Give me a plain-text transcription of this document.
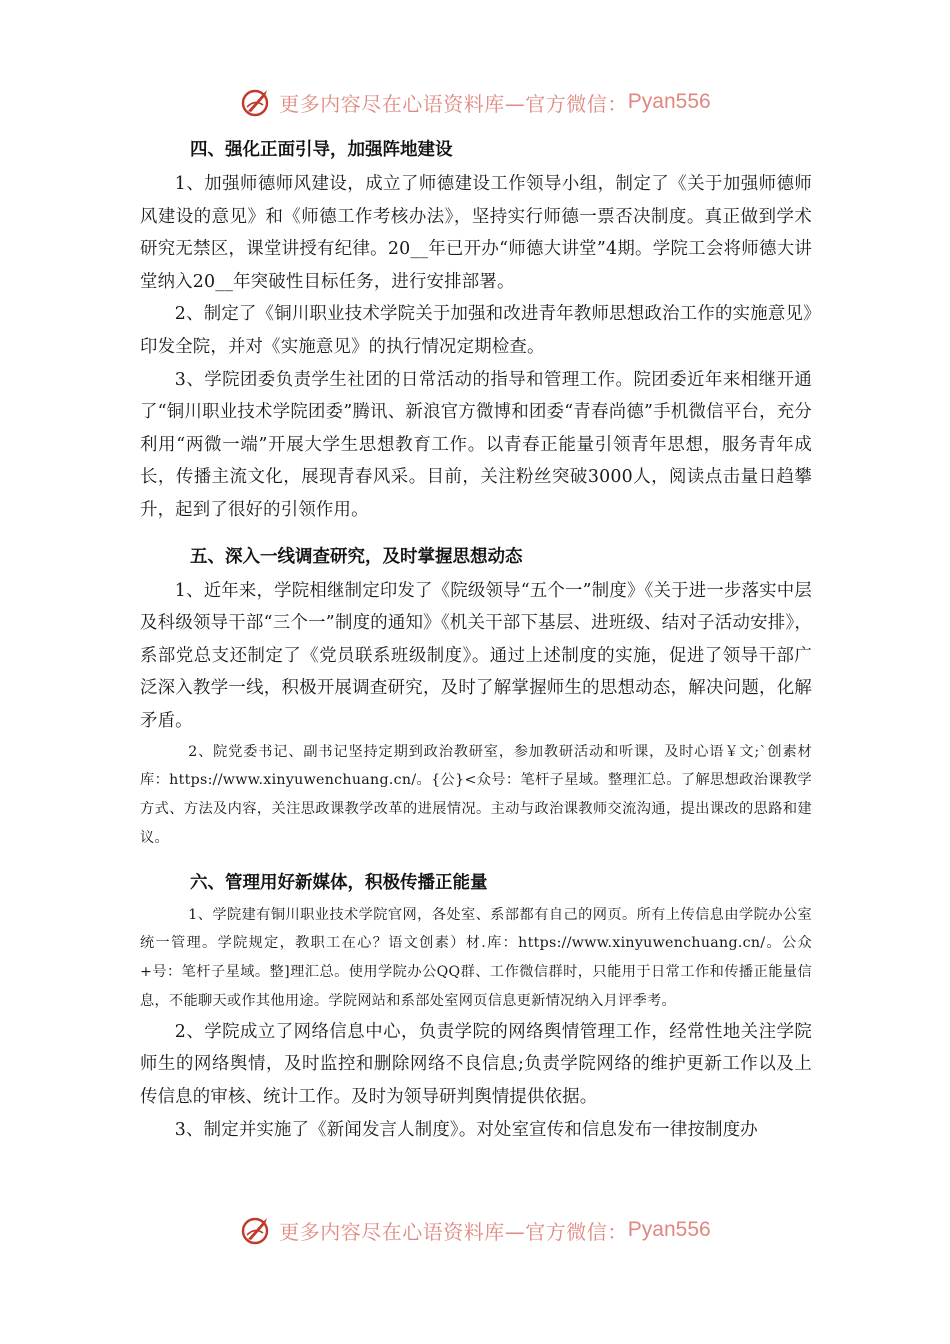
更多内容尽在心语资料库—官方微信： Pyan556
四、强化正面引导，加强阵地建设

1、加强师德师风建设，成立了师德建设工作领导小组，制定了《关于加强师德师风建设的意见》和《师德工作考核办法》，坚持实行师德一票否决制度。真正做到学术研究无禁区，课堂讲授有纪律。20__年已开办“师德大讲堂”4期。学院工会将师德大讲堂纳入20__年突破性目标任务，进行安排部署。

2、制定了《铜川职业技术学院关于加强和改进青年教师思想政治工作的实施意见》印发全院，并对《实施意见》的执行情况定期检查。

3、学院团委负责学生社团的日常活动的指导和管理工作。院团委近年来相继开通了“铜川职业技术学院团委”腾讯、新浪官方微博和团委“青春尚德”手机微信平台，充分利用“两微一端”开展大学生思想教育工作。以青春正能量引领青年思想，服务青年成长，传播主流文化，展现青春风采。目前，关注粉丝突破3000人，阅读点击量日趋攀升，起到了很好的引领作用。

五、深入一线调查研究，及时掌握思想动态

1、近年来，学院相继制定印发了《院级领导“五个一”制度》《关于进一步落实中层及科级领导干部“三个一”制度的通知》《机关干部下基层、进班级、结对子活动安排》，系部党总支还制定了《党员联系班级制度》。通过上述制度的实施，促进了领导干部广泛深入教学一线，积极开展调查研究，及时了解掌握师生的思想动态，解决问题，化解矛盾。

2、院党委书记、副书记坚持定期到政治教研室，参加教研活动和听课，及时心语￥文;`创素材库：https://www.xinyuwenchuang.cn/。{公}<众号：笔杆子星域。整理汇总。了解思想政治课教学方式、方法及内容，关注思政课教学改革的进展情况。主动与政治课教师交流沟通，提出课改的思路和建议。

六、管理用好新媒体，积极传播正能量

1、学院建有铜川职业技术学院官网，各处室、系部都有自己的网页。所有上传信息由学院办公室统一管理。学院规定，教职工在心？语文创素）材.库：https://www.xinyuwenchuang.cn/。公众+号：笔杆子星域。整]理汇总。使用学院办公QQ群、工作微信群时，只能用于日常工作和传播正能量信息，不能聊天或作其他用途。学院网站和系部处室网页信息更新情况纳入月评季考。

2、学院成立了网络信息中心，负责学院的网络舆情管理工作，经常性地关注学院师生的网络舆情，及时监控和删除网络不良信息;负责学院网络的维护更新工作以及上传信息的审核、统计工作。及时为领导研判舆情提供依据。

3、制定并实施了《新闻发言人制度》。对处室宣传和信息发布一律按制度办

更多内容尽在心语资料库—官方微信： Pyan556
